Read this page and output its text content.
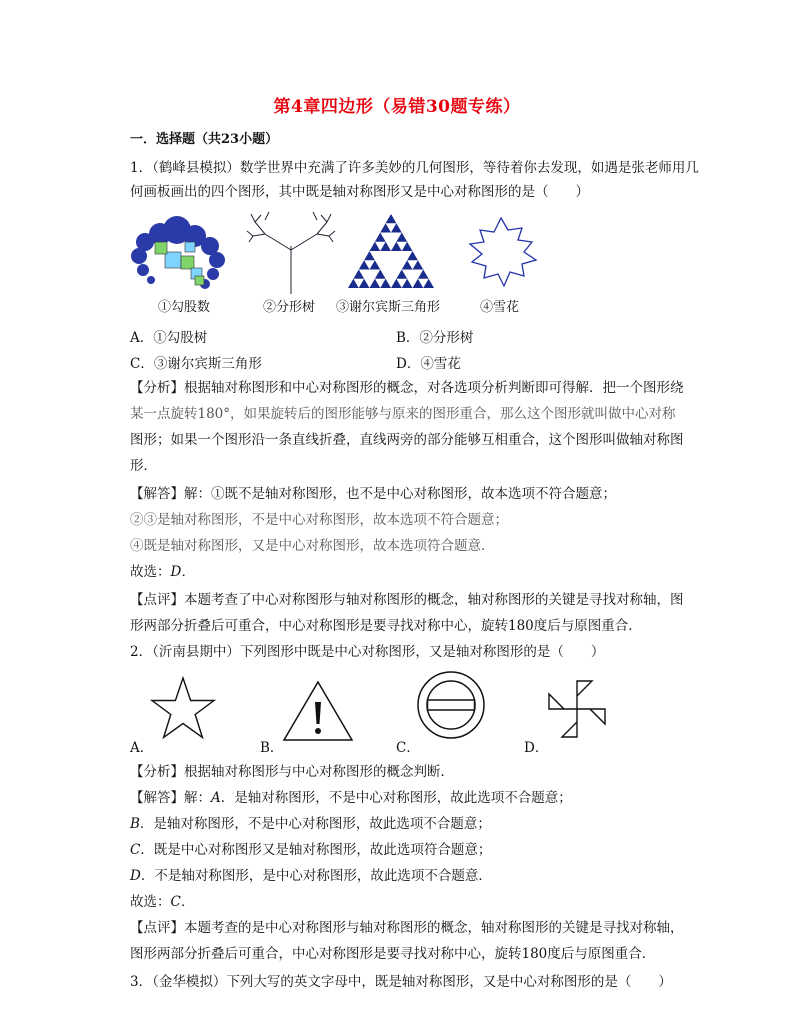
第4章四边形（易错30题专练）
一．选择题（共23小题）
1．（鹤峰县模拟）数学世界中充满了许多美妙的几何图形，等待着你去发现，如遇是张老师用几
何画板画出的四个图形，其中既是轴对称图形又是中心对称图形的是（　　）
①勾股数	②分形树 ③谢尔宾斯三角形	④雪花
A．①勾股树	B．②分形树
C．③谢尔宾斯三角形	D．④雪花
【分析】根据轴对称图形和中心对称图形的概念，对各选项分析判断即可得解．把一个图形绕
某一点旋转180°，如果旋转后的图形能够与原来的图形重合，那么这个图形就叫做中心对称
图形；如果一个图形沿一条直线折叠，直线两旁的部分能够互相重合，这个图形叫做轴对称图
形．
【解答】解：①既不是轴对称图形，也不是中心对称图形，故本选项不符合题意；
②③是轴对称图形，不是中心对称图形，故本选项不符合题意；
④既是轴对称图形，又是中心对称图形，故本选项符合题意．
故选：D．
【点评】本题考查了中心对称图形与轴对称图形的概念，轴对称图形的关键是寻找对称轴，图
形两部分折叠后可重合，中心对称图形是要寻找对称中心，旋转180度后与原图重合．
2．（沂南县期中）下列图形中既是中心对称图形，又是轴对称图形的是（　　）
A．	B．	C．	D．
【分析】根据轴对称图形与中心对称图形的概念判断．
【解答】解：A．是轴对称图形，不是中心对称图形，故此选项不合题意；
B．是轴对称图形，不是中心对称图形，故此选项不合题意；
C．既是中心对称图形又是轴对称图形，故此选项符合题意；
D．不是轴对称图形，是中心对称图形，故此选项不合题意．
故选：C．
【点评】本题考查的是中心对称图形与轴对称图形的概念，轴对称图形的关键是寻找对称轴，
图形两部分折叠后可重合，中心对称图形是要寻找对称中心，旋转180度后与原图重合．
3．（金华模拟）下列大写的英文字母中，既是轴对称图形，又是中心对称图形的是（　　）
